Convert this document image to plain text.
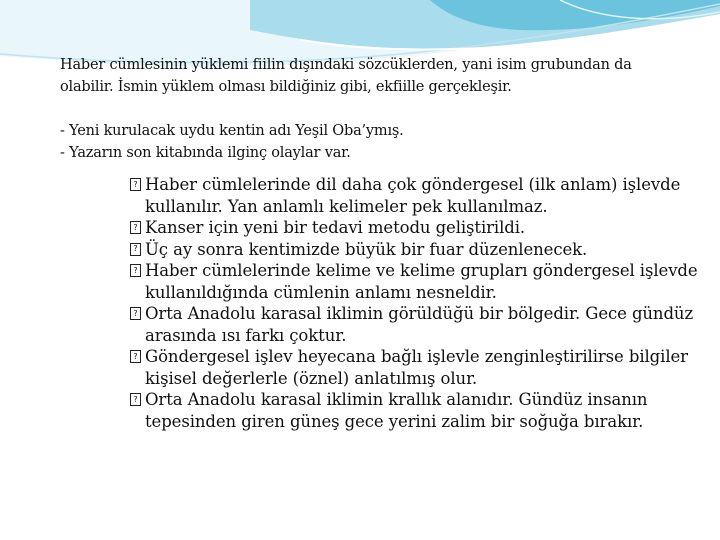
Haber cümlesinin yüklemi fiilin dışındaki sözcüklerden, yani isim grubundan da

olabilir. İsmin yüklem olması bildiğiniz gibi, ekfiille gerçekleşir.

- Yeni kurulacak uydu kentin adı Yeşil Oba’ymış.

- Yazarın son kitabında ilginç olaylar var.

? Haber cümlelerinde dil daha çok göndergesel (ilk anlam) işlevde
kullanılır. Yan anlamlı kelimeler pek kullanılmaz.
? Kanser için yeni bir tedavi metodu geliştirildi.
? Üç ay sonra kentimizde büyük bir fuar düzenlenecek.
? Haber cümlelerinde kelime ve kelime grupları göndergesel işlevde
kullanıldığında cümlenin anlamı nesneldir.
? Orta Anadolu karasal iklimin görüldüğü bir bölgedir. Gece gündüz
arasında ısı farkı çoktur.
? Göndergesel işlev heyecana bağlı işlevle zenginleştirilirse bilgiler
kişisel değerlerle (öznel) anlatılmış olur.
? Orta Anadolu karasal iklimin krallık alanıdır. Gündüz insanın
tepesinden giren güneş gece yerini zalim bir soğuğa bırakır.
